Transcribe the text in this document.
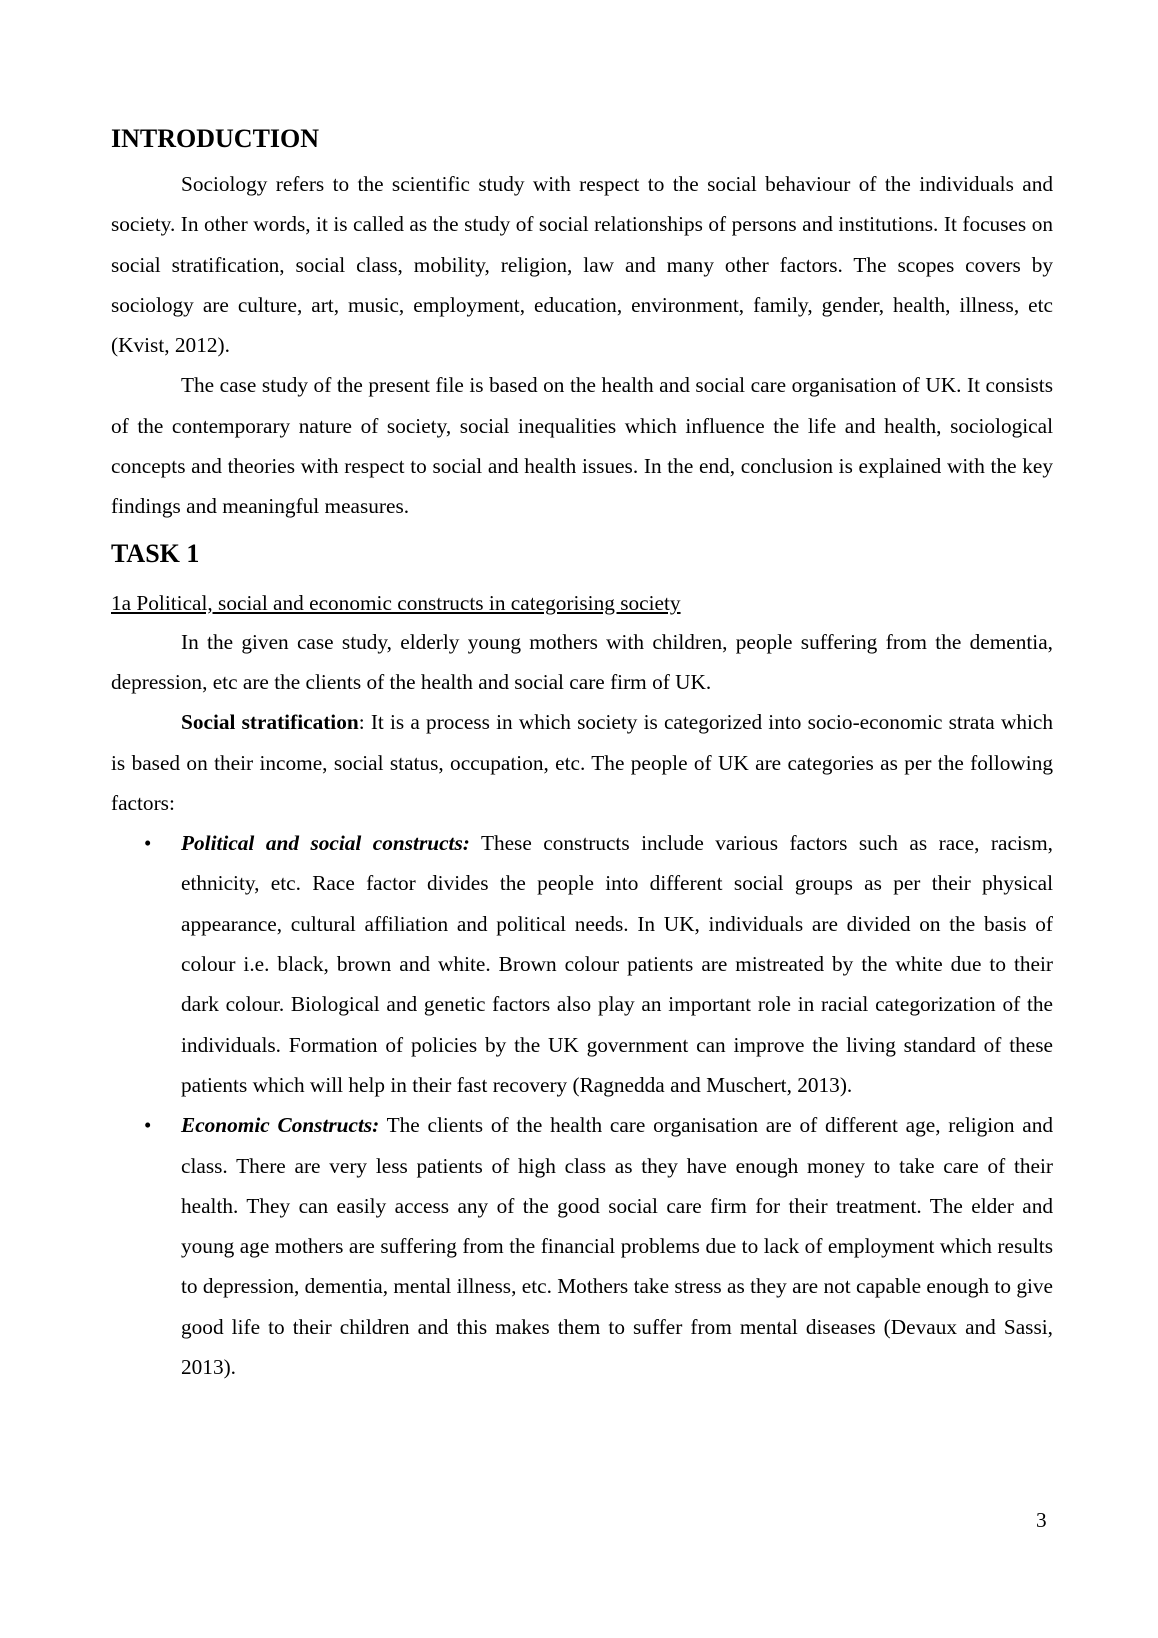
INTRODUCTION

Sociology refers to the scientific study with respect to the social behaviour of the individuals and society. In other words, it is called as the study of social relationships of persons and institutions. It focuses on social stratification, social class, mobility, religion, law and many other factors. The scopes covers by sociology are culture, art, music, employment, education, environment, family, gender, health, illness, etc (Kvist, 2012).

The case study of the present file is based on the health and social care organisation of UK. It consists of the contemporary nature of society, social inequalities which influence the life and health, sociological concepts and theories with respect to social and health issues. In the end, conclusion is explained with the key findings and meaningful measures.

TASK 1
1a Political, social and economic constructs in categorising society

In the given case study, elderly young mothers with children, people suffering from the dementia, depression, etc are the clients of the health and social care firm of UK.

Social stratification: It is a process in which society is categorized into socio-economic strata which is based on their income, social status, occupation, etc. The people of UK are categories as per the following factors:

• Political and social constructs: These constructs include various factors such as race, racism, ethnicity, etc. Race factor divides the people into different social groups as per their physical appearance, cultural affiliation and political needs. In UK, individuals are divided on the basis of colour i.e. black, brown and white. Brown colour patients are mistreated by the white due to their dark colour. Biological and genetic factors also play an important role in racial categorization of the individuals. Formation of policies by the UK government can improve the living standard of these patients which will help in their fast recovery (Ragnedda and Muschert, 2013).
• Economic Constructs: The clients of the health care organisation are of different age, religion and class. There are very less patients of high class as they have enough money to take care of their health. They can easily access any of the good social care firm for their treatment. The elder and young age mothers are suffering from the financial problems due to lack of employment which results to depression, dementia, mental illness, etc. Mothers take stress as they are not capable enough to give good life to their children and this makes them to suffer from mental diseases (Devaux and Sassi, 2013).
3
